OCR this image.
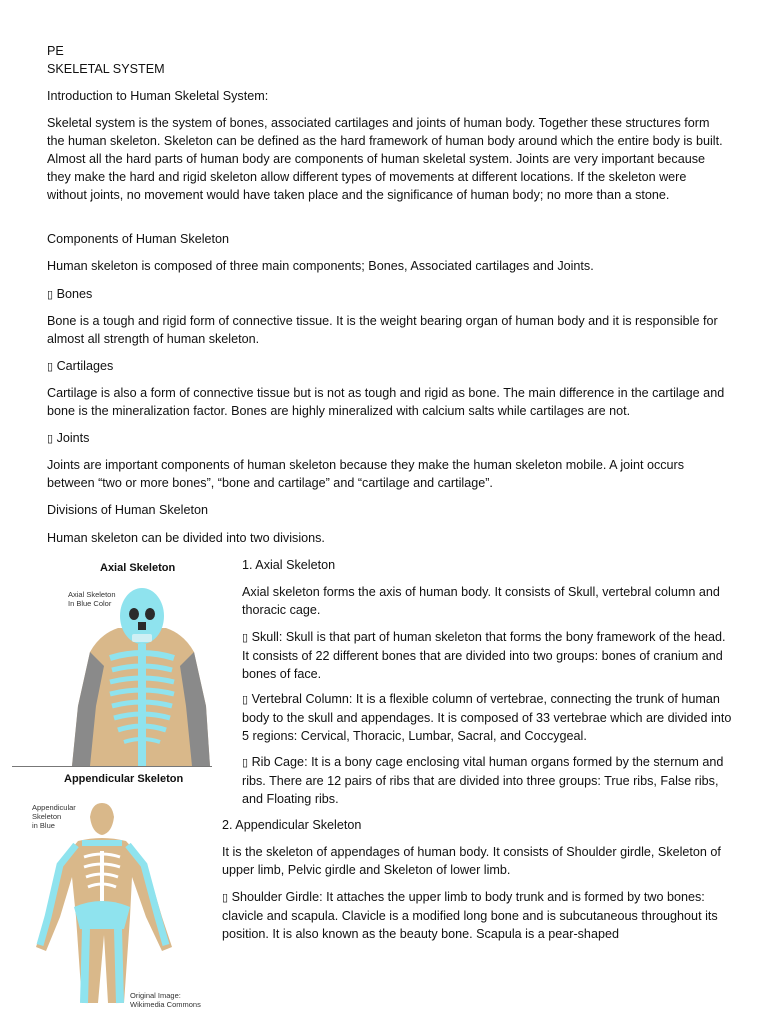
PE

SKELETAL SYSTEM

Introduction to Human Skeletal System:

Skeletal system is the system of bones, associated cartilages and joints of human body. Together these structures form the human skeleton. Skeleton can be defined as the hard framework of human body around which the entire body is built. Almost all the hard parts of human body are components of human skeletal system. Joints are very important because they make the hard and rigid skeleton allow different types of movements at different locations. If the skeleton were without joints, no movement would have taken place and the significance of human body; no more than a stone.

Components of Human Skeleton

Human skeleton is composed of three main components; Bones, Associated cartilages and Joints.

▯ Bones

Bone is a tough and rigid form of connective tissue. It is the weight bearing organ of human body and it is responsible for almost all strength of human skeleton.

▯ Cartilages

Cartilage is also a form of connective tissue but is not as tough and rigid as bone. The main difference in the cartilage and bone is the mineralization factor. Bones are highly mineralized with calcium salts while cartilages are not.

▯ Joints

Joints are important components of human skeleton because they make the human skeleton mobile. A joint occurs between “two or more bones”, “bone and cartilage” and “cartilage and cartilage”.

Divisions of Human Skeleton

Human skeleton can be divided into two divisions.

Axial Skeleton
Axial Skeleton
In Blue Color
Appendicular Skeleton
Appendicular
Skeleton
in Blue
Original Image:
Wikimedia Commons

1. Axial Skeleton

Axial skeleton forms the axis of human body. It consists of Skull, vertebral column and thoracic cage.

▯ Skull: Skull is that part of human skeleton that forms the bony framework of the head. It consists of 22 different bones that are divided into two groups: bones of cranium and bones of face.

▯ Vertebral Column: It is a flexible column of vertebrae, connecting the trunk of human body to the skull and appendages. It is composed of 33 vertebrae which are divided into 5 regions: Cervical, Thoracic, Lumbar, Sacral, and Coccygeal.

▯ Rib Cage: It is a bony cage enclosing vital human organs formed by the sternum and ribs. There are 12 pairs of ribs that are divided into three groups: True ribs, False ribs, and Floating ribs.

2. Appendicular Skeleton

It is the skeleton of appendages of human body. It consists of Shoulder girdle, Skeleton of upper limb, Pelvic girdle and Skeleton of lower limb.

▯ Shoulder Girdle: It attaches the upper limb to body trunk and is formed by two bones: clavicle and scapula. Clavicle is a modified long bone and is subcutaneous throughout its position. It is also known as the beauty bone. Scapula is a pear-shaped
